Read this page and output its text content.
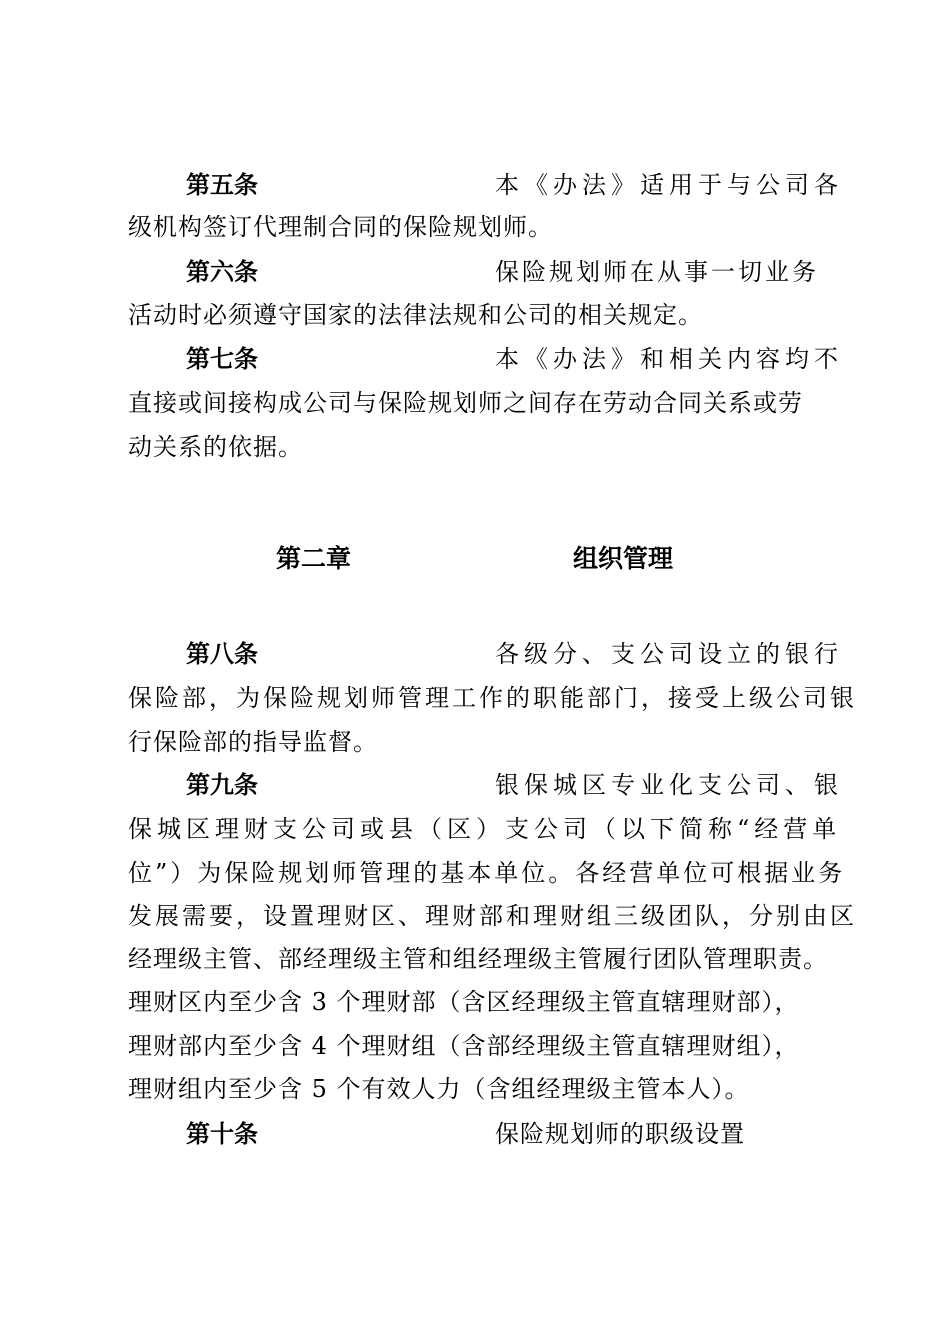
第五条	本《办法》适用于与公司各
级机构签订代理制合同的保险规划师。
第六条	保险规划师在从事一切业务
活动时必须遵守国家的法律法规和公司的相关规定。
第七条	本《办法》和相关内容均不
直接或间接构成公司与保险规划师之间存在劳动合同关系或劳
动关系的依据。
第二章	组织管理
第八条	各级分、支公司设立的银行
保险部，为保险规划师管理工作的职能部门，接受上级公司银
行保险部的指导监督。
第九条	银保城区专业化支公司、银
保城区理财支公司或县（区）支公司（以下简称“经营单
位”）为保险规划师管理的基本单位。各经营单位可根据业务
发展需要，设置理财区、理财部和理财组三级团队，分别由区
经理级主管、部经理级主管和组经理级主管履行团队管理职责。
理财区内至少含 3 个理财部（含区经理级主管直辖理财部），
理财部内至少含 4 个理财组（含部经理级主管直辖理财组），
理财组内至少含 5 个有效人力（含组经理级主管本人）。
第十条	保险规划师的职级设置
